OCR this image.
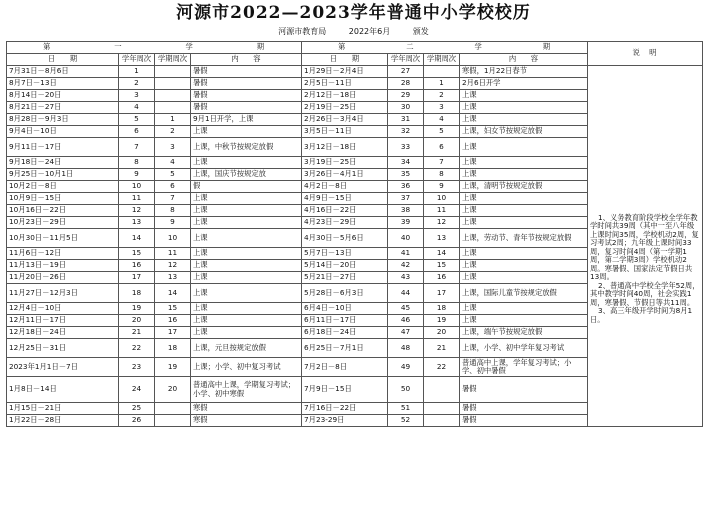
河源市2022—2023学年普通中小学校校历
河源市教育局	2022年6月	颁发
第 一 学 期				第 二 学 期				说　明
日　　期	学年周次	学期周次	内　　容	日　　期	学年周次	学期周次	内　　容	
7月31日－8月6日	1		暑假	1月29日－2月4日	27		寒假，1月22日春节	1、义务教育阶段学校全学年教学时间共39周（其中一至八年级上课时间35周，学校机动2周，复习考试2周；九年级上课时间33周，复习时间4周（第一学期1周，第二学期3周）学校机动2周。寒暑假、国家法定节假日共13周。

2、普通高中学校全学年52周，其中教学时间40周，社会实践1周，寒暑假、节假日等共11周。

3、高三年级开学时间为8月1日。

8月7日－13日	2		暑假	2月5日－11日	28	1	2月6日开学	
8月14日－20日	3		暑假	2月12日－18日	29	2	上课	
8月21日－27日	4		暑假	2月19日－25日	30	3	上课	
8月28日－9月3日	5	1	9月1日开学，上课	2月26日－3月4日	31	4	上课	
9月4日－10日	6	2	上课	3月5日－11日	32	5	上课，妇女节按规定放假	
9月11日－17日	7	3	上课，中秋节按规定放假	3月12日－18日	33	6	上课	
9月18日－24日	8	4	上课	3月19日－25日	34	7	上课	
9月25日－10月1日	9	5	上课，国庆节按规定放	3月26日－4月1日	35	8	上课	
10月2日－8日	10	6	假	4月2日－8日	36	9	上课，清明节按规定放假	
10月9日－15日	11	7	上课	4月9日－15日	37	10	上课	
10月16日－22日	12	8	上课	4月16日－22日	38	11	上课	
10月23日－29日	13	9	上课	4月23日－29日	39	12	上课	
10月30日－11月5日	14	10	上课	4月30日－5月6日	40	13	上课，劳动节、青年节按规定放假	
11月6日－12日	15	11	上课	5月7日－13日	41	14	上课	
11月13日－19日	16	12	上课	5月14日－20日	42	15	上课	
11月20日－26日	17	13	上课	5月21日－27日	43	16	上课	
11月27日－12月3日	18	14	上课	5月28日－6月3日	44	17	上课，国际儿童节按规定放假	
12月4日－10日	19	15	上课	6月4日－10日	45	18	上课	
12月11日－17日	20	16	上课	6月11日－17日	46	19	上课	
12月18日－24日	21	17	上课	6月18日－24日	47	20	上课，端午节按规定放假	
12月25日－31日	22	18	上课，元旦按规定放假	6月25日－7月1日	48	21	上课，小学、初中学年复习考试	
2023年1月1日－7日	23	19	上课；小学、初中复习考试	7月2日－8日	49	22	普通高中上课，学年复习考试；小学、初中暑假	
1月8日－14日	24	20	普通高中上课，学期复习考试；小学、初中寒假	7月9日－15日	50		暑假	
1月15日－21日	25		寒假	7月16日－22日	51		暑假	
1月22日－28日	26		寒假	7月23-29日	52		暑假	
